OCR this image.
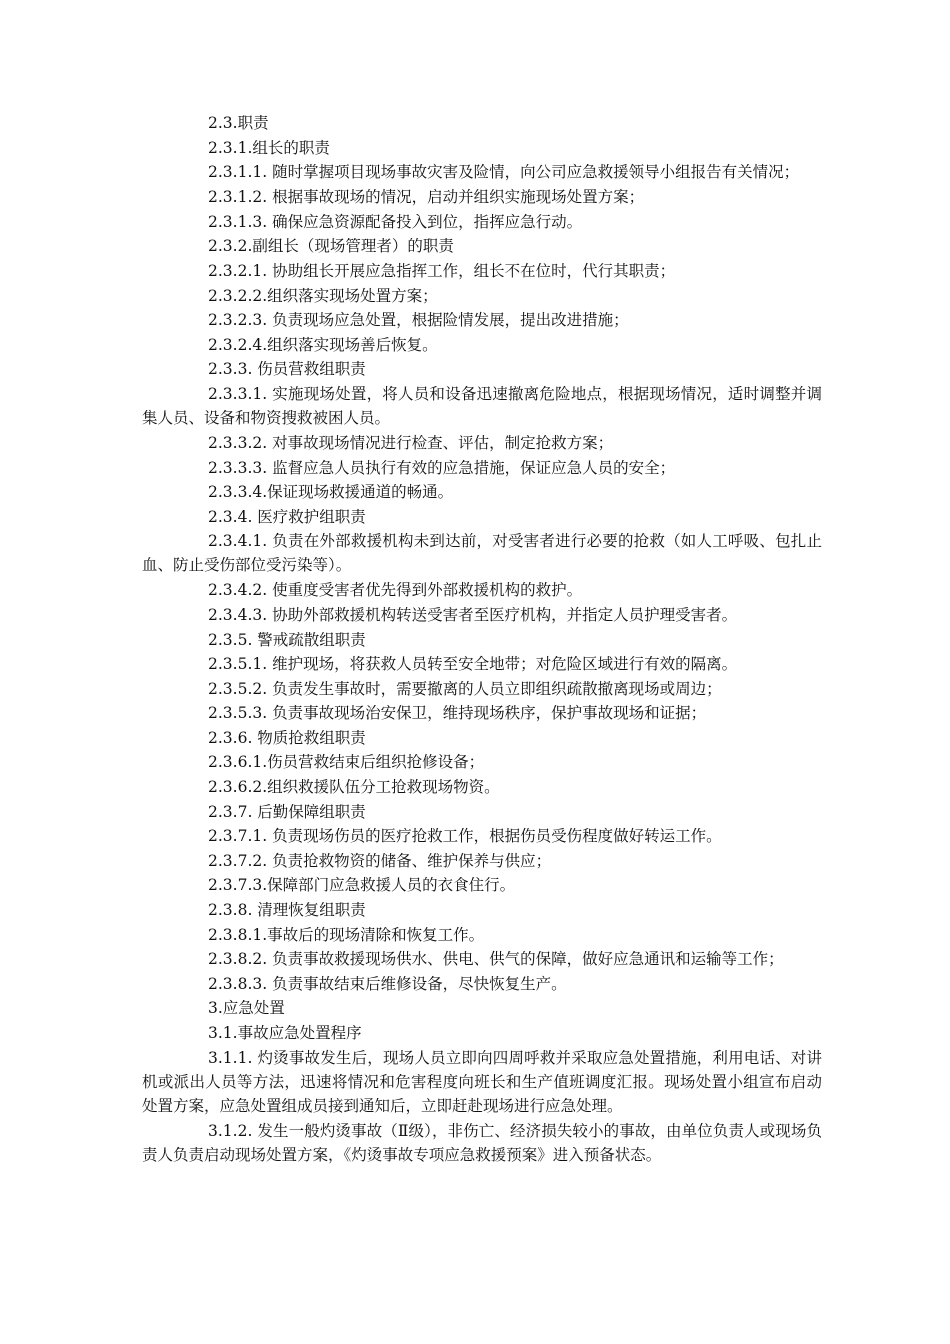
2.3.职责

2.3.1.组长的职责

2.3.1.1. 随时掌握项目现场事故灾害及险情，向公司应急救援领导小组报告有关情况；

2.3.1.2. 根据事故现场的情况，启动并组织实施现场处置方案；

2.3.1.3. 确保应急资源配备投入到位，指挥应急行动。

2.3.2.副组长（现场管理者）的职责

2.3.2.1. 协助组长开展应急指挥工作，组长不在位时，代行其职责；

2.3.2.2.组织落实现场处置方案；

2.3.2.3. 负责现场应急处置，根据险情发展，提出改进措施；

2.3.2.4.组织落实现场善后恢复。

2.3.3. 伤员营救组职责

2.3.3.1. 实施现场处置，将人员和设备迅速撤离危险地点，根据现场情况，适时调整并调集人员、设备和物资搜救被困人员。

2.3.3.2. 对事故现场情况进行检查、评估，制定抢救方案；

2.3.3.3. 监督应急人员执行有效的应急措施，保证应急人员的安全；

2.3.3.4.保证现场救援通道的畅通。

2.3.4. 医疗救护组职责

2.3.4.1. 负责在外部救援机构未到达前，对受害者进行必要的抢救（如人工呼吸、包扎止血、防止受伤部位受污染等）。

2.3.4.2. 使重度受害者优先得到外部救援机构的救护。

2.3.4.3. 协助外部救援机构转送受害者至医疗机构，并指定人员护理受害者。

2.3.5. 警戒疏散组职责

2.3.5.1. 维护现场，将获救人员转至安全地带；对危险区域进行有效的隔离。

2.3.5.2. 负责发生事故时，需要撤离的人员立即组织疏散撤离现场或周边；

2.3.5.3. 负责事故现场治安保卫，维持现场秩序，保护事故现场和证据；

2.3.6. 物质抢救组职责

2.3.6.1.伤员营救结束后组织抢修设备；

2.3.6.2.组织救援队伍分工抢救现场物资。

2.3.7. 后勤保障组职责

2.3.7.1. 负责现场伤员的医疗抢救工作，根据伤员受伤程度做好转运工作。

2.3.7.2. 负责抢救物资的储备、维护保养与供应；

2.3.7.3.保障部门应急救援人员的衣食住行。

2.3.8. 清理恢复组职责

2.3.8.1.事故后的现场清除和恢复工作。

2.3.8.2. 负责事故救援现场供水、供电、供气的保障，做好应急通讯和运输等工作；

2.3.8.3. 负责事故结束后维修设备，尽快恢复生产。

3.应急处置

3.1.事故应急处置程序

3.1.1. 灼烫事故发生后，现场人员立即向四周呼救并采取应急处置措施，利用电话、对讲机或派出人员等方法，迅速将情况和危害程度向班长和生产值班调度汇报。现场处置小组宣布启动处置方案，应急处置组成员接到通知后，立即赶赴现场进行应急处理。

3.1.2. 发生一般灼烫事故（Ⅱ级），非伤亡、经济损失较小的事故，由单位负责人或现场负责人负责启动现场处置方案，《灼烫事故专项应急救援预案》进入预备状态。
